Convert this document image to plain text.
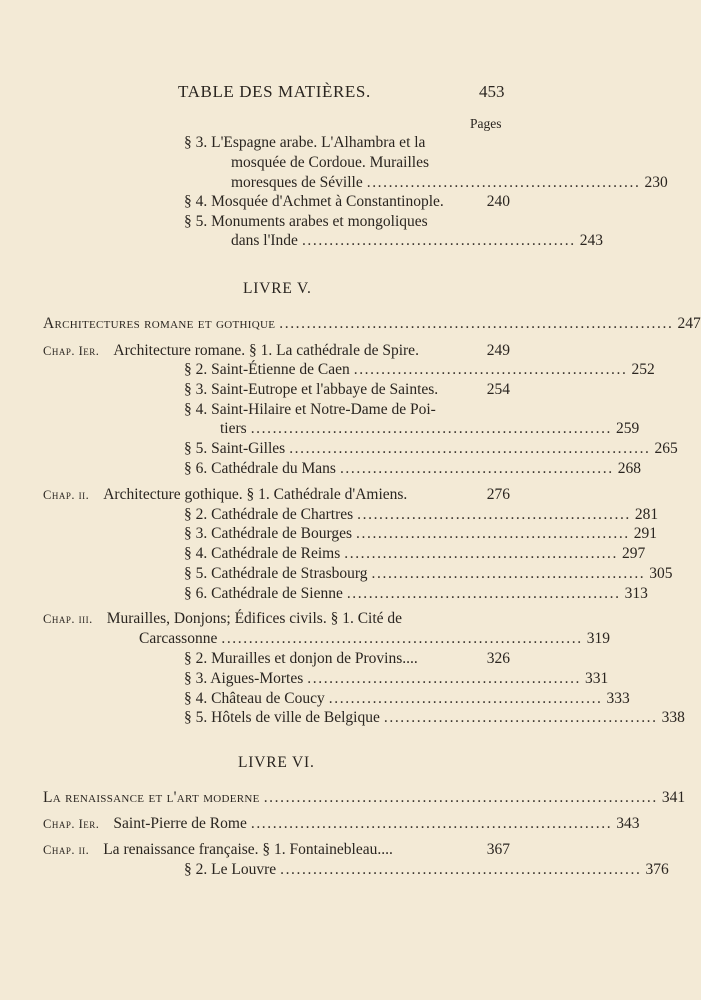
TABLE DES MATIÈRES.	453
Pages
§ 3. L'Espagne arabe. L'Alhambra et la
mosquée de Cordoue. Murailles
moresques de Séville .................................................. 230
§ 4. Mosquée d'Achmet à Constantinople.	240
§ 5. Monuments arabes et mongoliques
dans l'Inde .................................................. 243
LIVRE V.
Architectures romane et gothique ........................................................................ 247
Chap. Ier. Architecture romane. § 1. La cathédrale de Spire.	249
§ 2. Saint-Étienne de Caen .................................................. 252
§ 3. Saint-Eutrope et l'abbaye de Saintes.	254
§ 4. Saint-Hilaire et Notre-Dame de Poi-
tiers .................................................................. 259
§ 5. Saint-Gilles .................................................................. 265
§ 6. Cathédrale du Mans .................................................. 268
Chap. ii. Architecture gothique. § 1. Cathédrale d'Amiens.	276
§ 2. Cathédrale de Chartres .................................................. 281
§ 3. Cathédrale de Bourges .................................................. 291
§ 4. Cathédrale de Reims .................................................. 297
§ 5. Cathédrale de Strasbourg .................................................. 305
§ 6. Cathédrale de Sienne .................................................. 313
Chap. iii. Murailles, Donjons; Édifices civils. § 1. Cité de
Carcassonne .................................................................. 319
§ 2. Murailles et donjon de Provins....	326
§ 3. Aigues-Mortes .................................................. 331
§ 4. Château de Coucy .................................................. 333
§ 5. Hôtels de ville de Belgique .................................................. 338
LIVRE VI.
La renaissance et l'art moderne ........................................................................ 341
Chap. Ier. Saint-Pierre de Rome .................................................................. 343
Chap. ii. La renaissance française. § 1. Fontainebleau....	367
§ 2. Le Louvre .................................................................. 376
